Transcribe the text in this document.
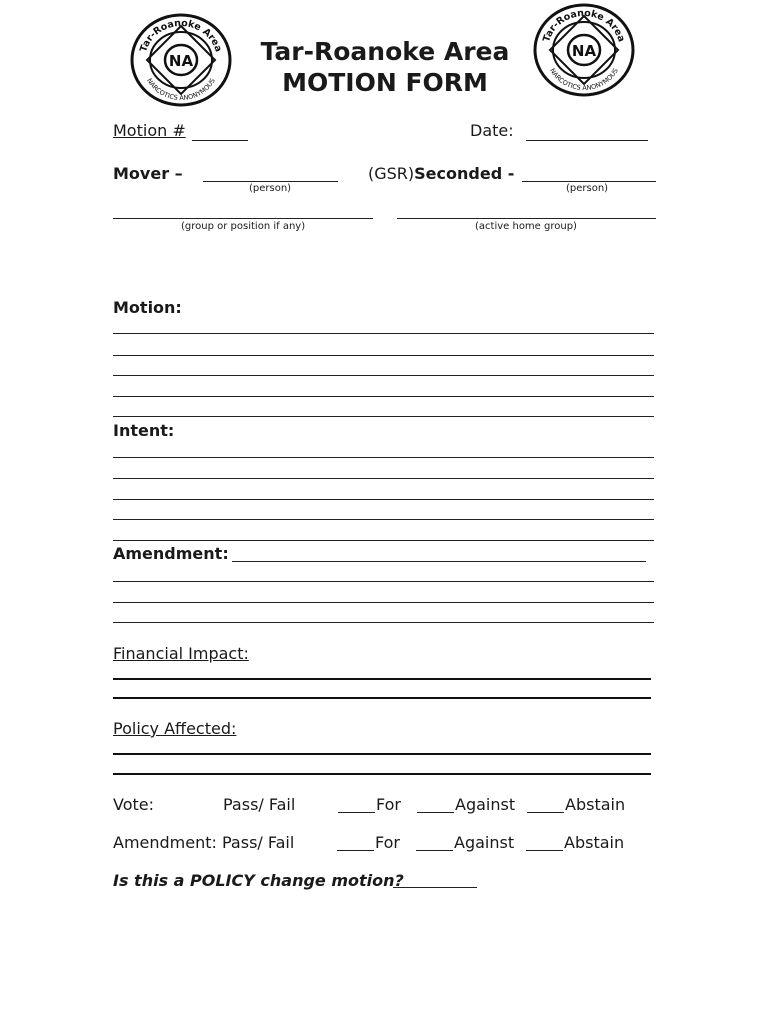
NA
Tar-Roanoke Area
NARCOTICS ANONYMOUS
NA
Tar-Roanoke Area
NARCOTICS ANONYMOUS
Tar-Roanoke Area
MOTION FORM
Motion #	Date:
Mover –
(person)
(GSR)Seconded -
(person)
(group or position if any)	(active home group)
Motion:
Intent:
Amendment:
Financial Impact:
Policy Affected:
Vote:	Pass/ Fail	For	Against	Abstain
Amendment: Pass/ Fail	For	Against	Abstain
Is this a POLICY change motion?
